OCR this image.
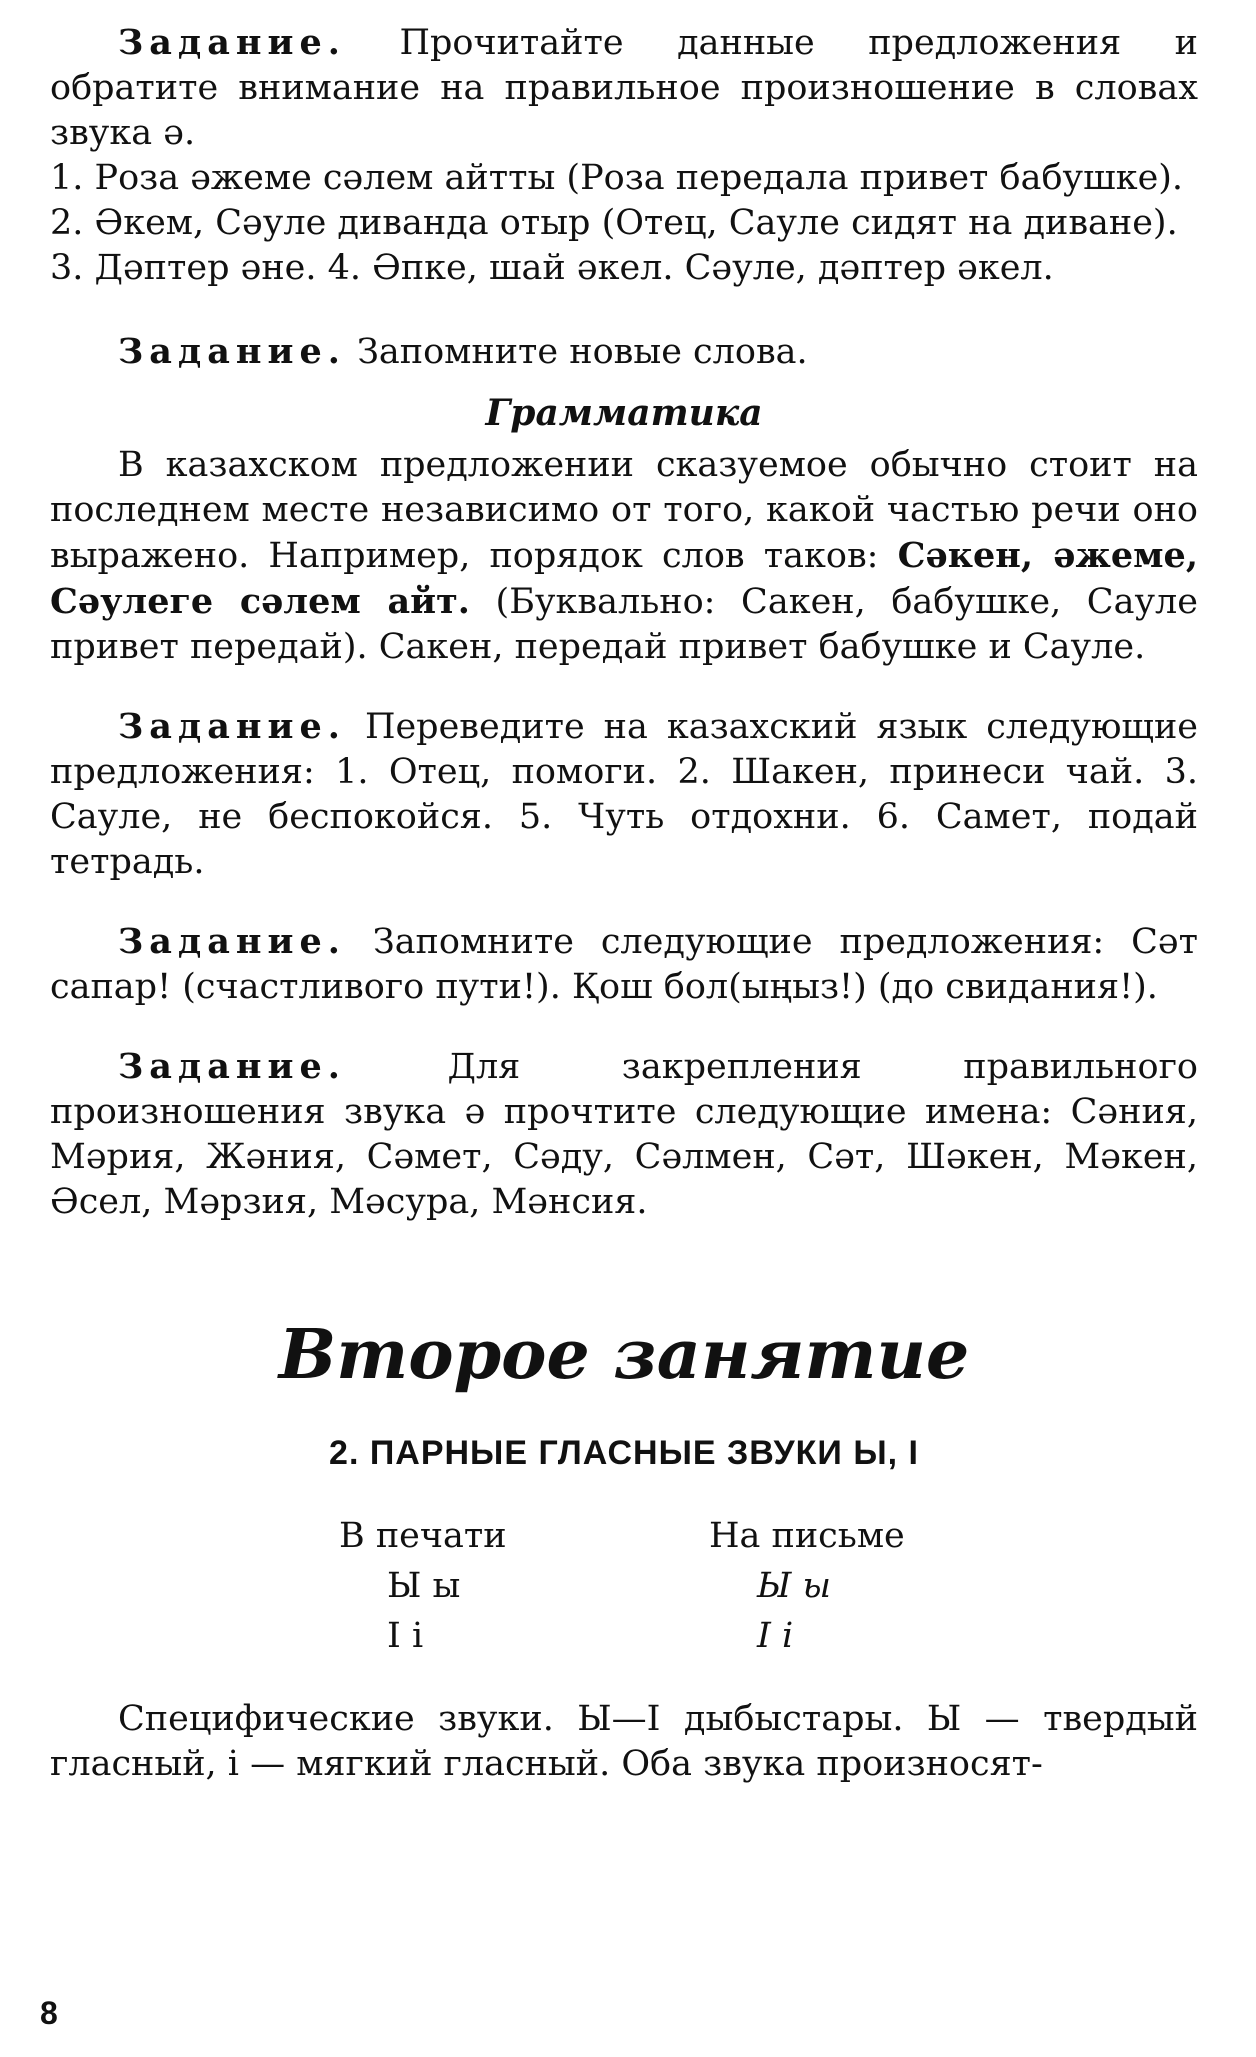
Задание. Прочитайте данные предложения и обратите внимание на правильное произношение в словах звука ә.

1. Роза әжеме сәлем айтты (Роза передала привет бабушке).

2. Әкем, Сәуле диванда отыр (Отец, Сауле сидят на диване).

3. Дәптер әне. 4. Әпке, шай әкел. Сәуле, дәптер әкел.

Задание. Запомните новые слова.

Грамматика

В казахском предложении сказуемое обычно стоит на последнем месте независимо от того, какой частью речи оно выражено. Например, порядок слов таков: Сәкен, әжеме, Сәулеге сәлем айт. (Буквально: Сакен, бабушке, Сауле привет передай). Сакен, передай привет бабушке и Сауле.

Задание. Переведите на казахский язык следующие предложения: 1. Отец, помоги. 2. Шакен, принеси чай. 3. Сауле, не беспокойся. 5. Чуть отдохни. 6. Самет, подай тетрадь.

Задание. Запомните следующие предложения: Сәт сапар! (счастливого пути!). Қош бол(ыңыз!) (до свидания!).

Задание. Для закрепления правильного произношения звука ә прочтите следующие имена: Сәния, Мәрия, Жәния, Сәмет, Сәду, Сәлмен, Сәт, Шәкен, Мәкен, Әсел, Мәрзия, Мәсура, Мәнсия.

Второе занятие
2. ПАРНЫЕ ГЛАСНЫЕ ЗВУКИ Ы, І
В печати
Ы ы
І і
На письме
Ы ы
І і

Специфические звуки. Ы—І дыбыстары. Ы — твердый гласный, і — мягкий гласный. Оба звука произносят-

8
